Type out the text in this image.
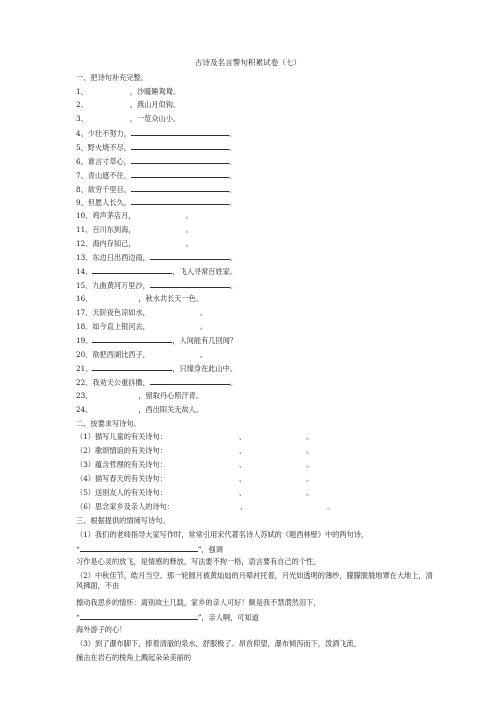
古诗及名言警句积累试卷（七）
一、把诗句补充完整。
二、按要求写诗句。
三、根据提供的情境写诗句。
（1）我们的老师指导大家写作时，常常引用宋代著名诗人苏轼的《题西林壁》中的两句诗，
“	”，强调
习作是心灵的放飞，是情感的释放，写法要不拘一格，语言要有自己的个性。
（2）中秋佳节，皓月当空。那一轮圆月被黄灿灿的月晕衬托着，月光如透明的薄纱，朦朦胧胧地罩在大地上，清风拂面，不由
擦动我思乡的情怀：离别故土几载，家乡的亲人可好！颇是我不禁潸然泪下，
“	”，亲人啊，可知道
海外游子的心！
（3）到了瀑布脚下，捧着清澈的泉水，舒服极了。昂首仰望，瀑布倾泻而下，泼洒飞流，
撞击在岩石的棱角上溅起朵朵美丽的
1、	，沙暖睡鸳鸯。
2、	，燕山月似钩。
3、	，一览众山小。
4、少壮不努力，	。
5、野火烧不尽，	。
6、谁言寸草心，	。
7、青山遮不住，	。
8、欲穷千里目，	。
9、但愿人长久，	。
10、鸡声茅店月，	。
11、百川东到海，	。
12、海内存知己，	。
13、东边日出西边雨，	。
14、	，飞入寻常百姓家。
15、九曲黄河万里沙，	。
16、	，秋水共长天一色。
17、天阶夜色凉如水，	。
18、如今直上银河去，	。
19、	，人间能有几回闻？
20、欲把西湖比西子，	。
21、	，只缘身在此山中。
22、我劝天公重抖擞，	。
23、	，留取丹心照汗青。
24、	，西出阳关无故人。
（1）描写儿童的有关诗句：	、	。
（2）歌颂情谊的有关诗句：	、	。
（3）蕴含哲理的有关诗句：	、	。
（4）描写春天的有关诗句：	、	。
（5）送别友人的有关诗句：	、	。
（6）思念家乡及亲人的诗句：	、	。
